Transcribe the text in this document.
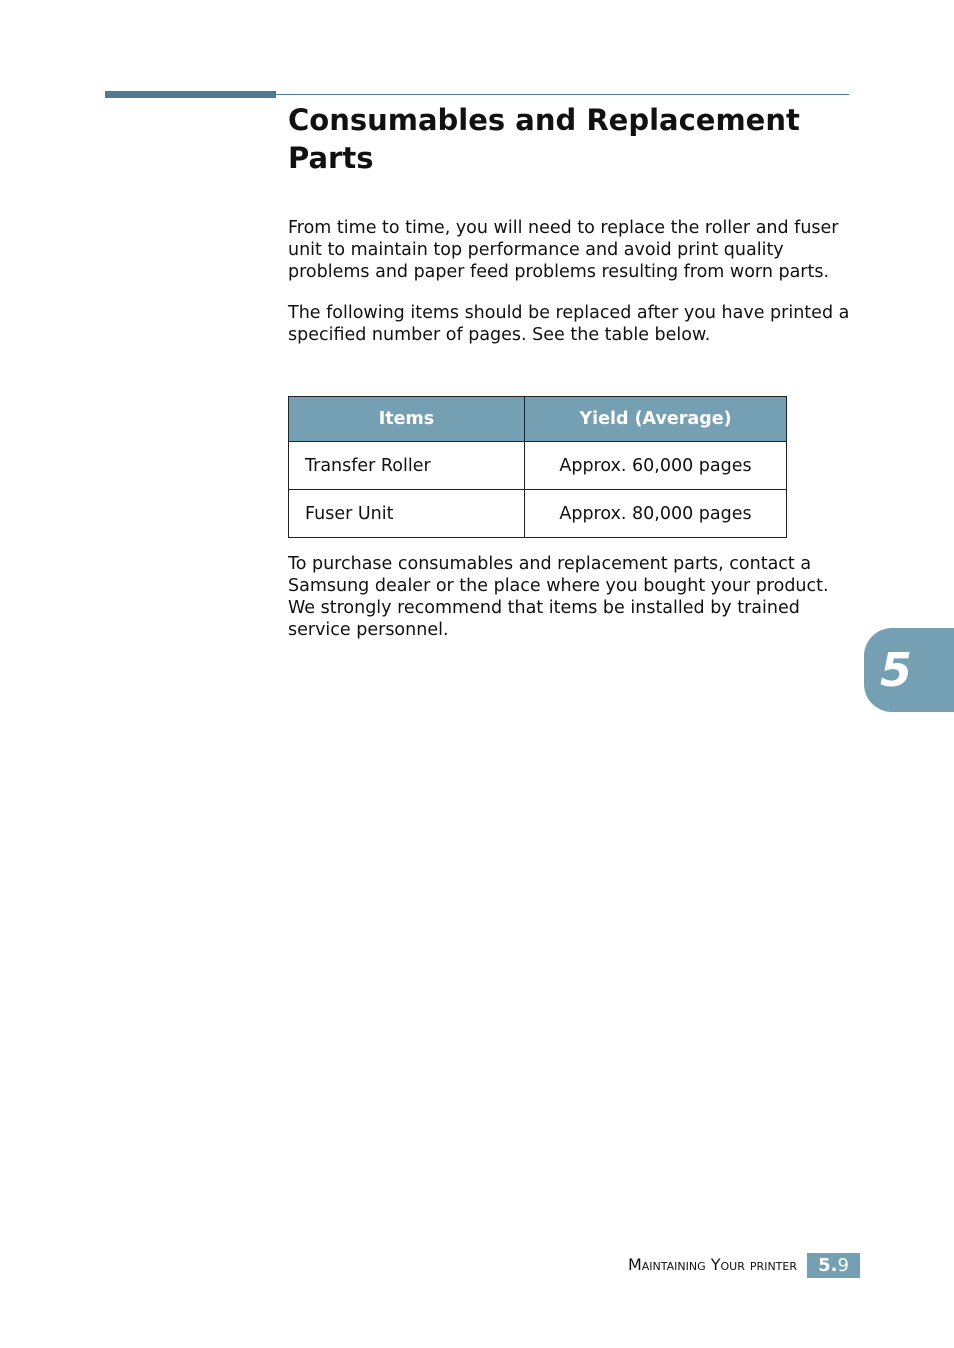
Consumables and Replacement Parts

From time to time, you will need to replace the roller and fuser unit to maintain top performance and avoid print quality problems and paper feed problems resulting from worn parts.

The following items should be replaced after you have printed a specified number of pages. See the table below.

Items	Yield (Average)
Transfer Roller	Approx. 60,000 pages
Fuser Unit	Approx. 80,000 pages

To purchase consumables and replacement parts, contact a Samsung dealer or the place where you bought your product. We strongly recommend that items be installed by trained service personnel.

5
Maintaining Your printer	5.9
